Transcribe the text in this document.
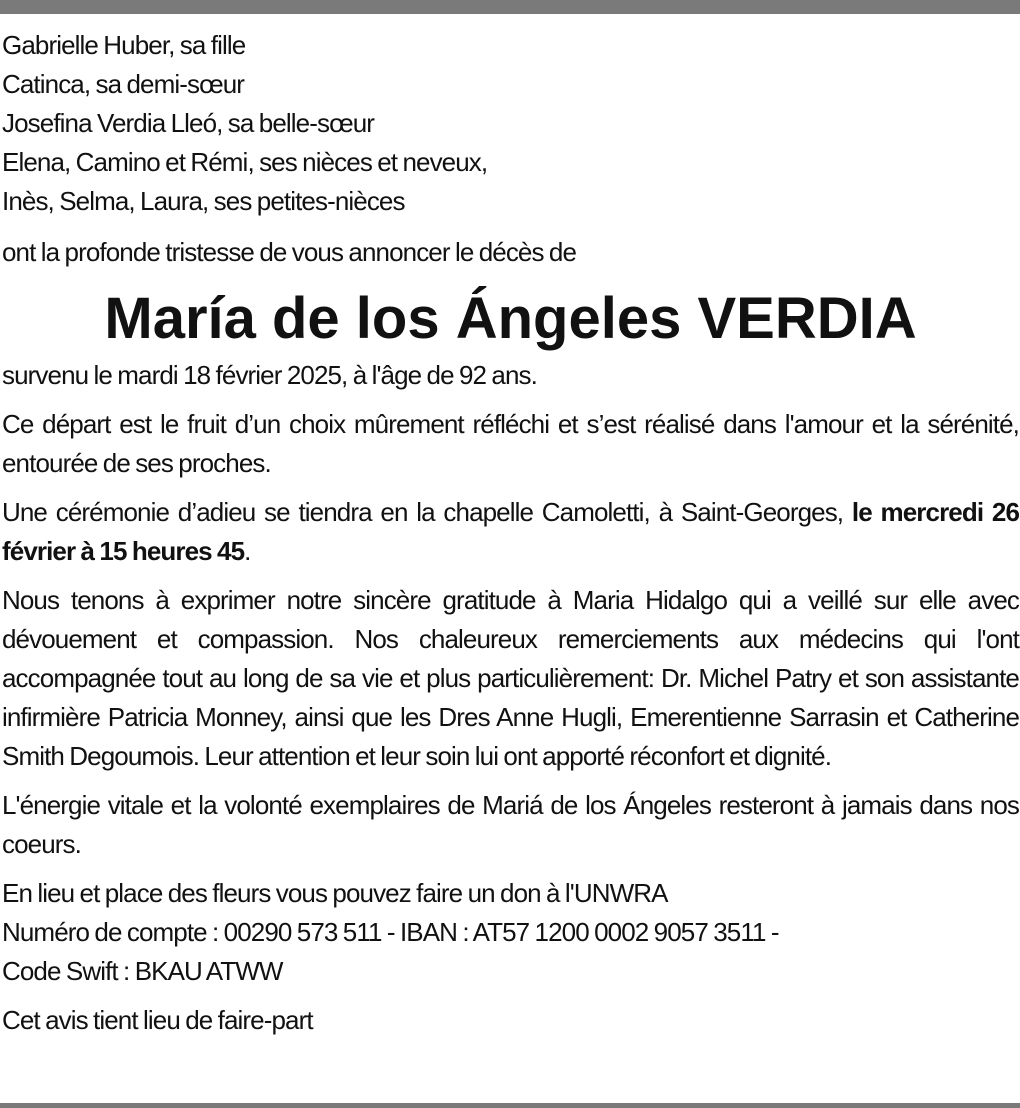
Gabrielle Huber, sa fille
Catinca, sa demi-sœur
Josefina Verdia Lleó, sa belle-sœur
Elena, Camino et Rémi, ses nièces et neveux,
Inès, Selma, Laura, ses petites-nièces

ont la profonde tristesse de vous annoncer le décès de

María de los Ángeles VERDIA

survenu le mardi 18 février 2025, à l'âge de 92 ans.

Ce départ est le fruit d’un choix mûrement réfléchi et s’est réalisé dans l'amour et la sérénité, entourée de ses proches.

Une cérémonie d’adieu se tiendra en la chapelle Camoletti, à Saint-Georges, le mercredi 26 février à 15 heures 45.

Nous tenons à exprimer notre sincère gratitude à Maria Hidalgo qui a veillé sur elle avec dévouement et compassion. Nos chaleureux remerciements aux médecins qui l'ont accompagnée tout au long de sa vie et plus particulièrement: Dr. Michel Patry et son assistante infirmière Patricia Monney, ainsi que les Dres Anne Hugli, Emerentienne Sarrasin et Catherine Smith Degoumois. Leur attention et leur soin lui ont apporté réconfort et dignité.

L'énergie vitale et la volonté exemplaires de Mariá de los Ángeles resteront à jamais dans nos coeurs.

En lieu et place des fleurs vous pouvez faire un don à l'UNWRA
Numéro de compte : 00290 573 511 - IBAN : AT57 1200 0002 9057 3511 -
Code Swift : BKAU ATWW

Cet avis tient lieu de faire-part
